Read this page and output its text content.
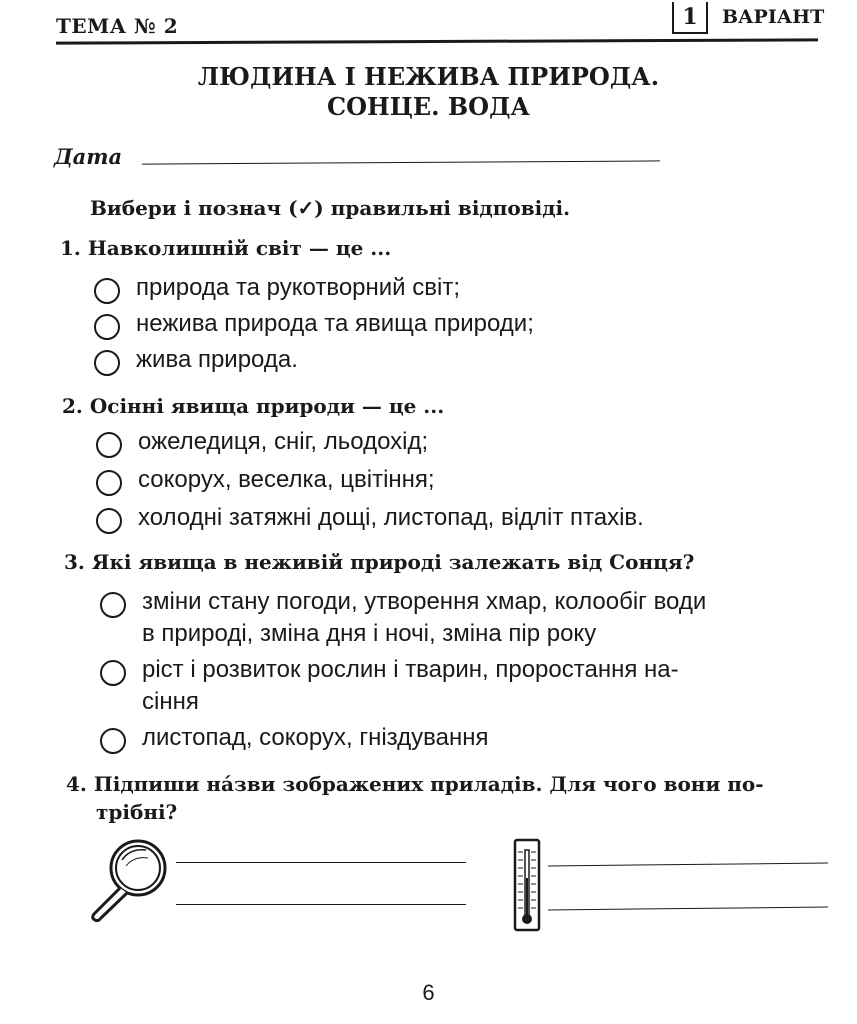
ТЕМА № 2	1	ВАРІАНТ
ЛЮДИНА І НЕЖИВА ПРИРОДА.
СОНЦЕ. ВОДА
Дата
Вибери і познач (✓) правильні відповіді.
1. Навколишній світ — це ...
природа та рукотворний світ;
нежива природа та явища природи;
жива природа.
2. Осінні явища природи — це ...
ожеледиця, сніг, льодохід;
сокорух, веселка, цвітіння;
холодні затяжні дощі, листопад, відліт птахів.
3. Які явища в неживій природі залежать від Сонця?
зміни стану погоди, утворення хмар, колообіг води
в природі, зміна дня і ночі, зміна пір року
ріст і розвиток рослин і тварин, проростання на-
сіння
листопад, сокорух, гніздування
4. Підпиши нáзви зображених приладів. Для чого вони по-
трібні?
6
